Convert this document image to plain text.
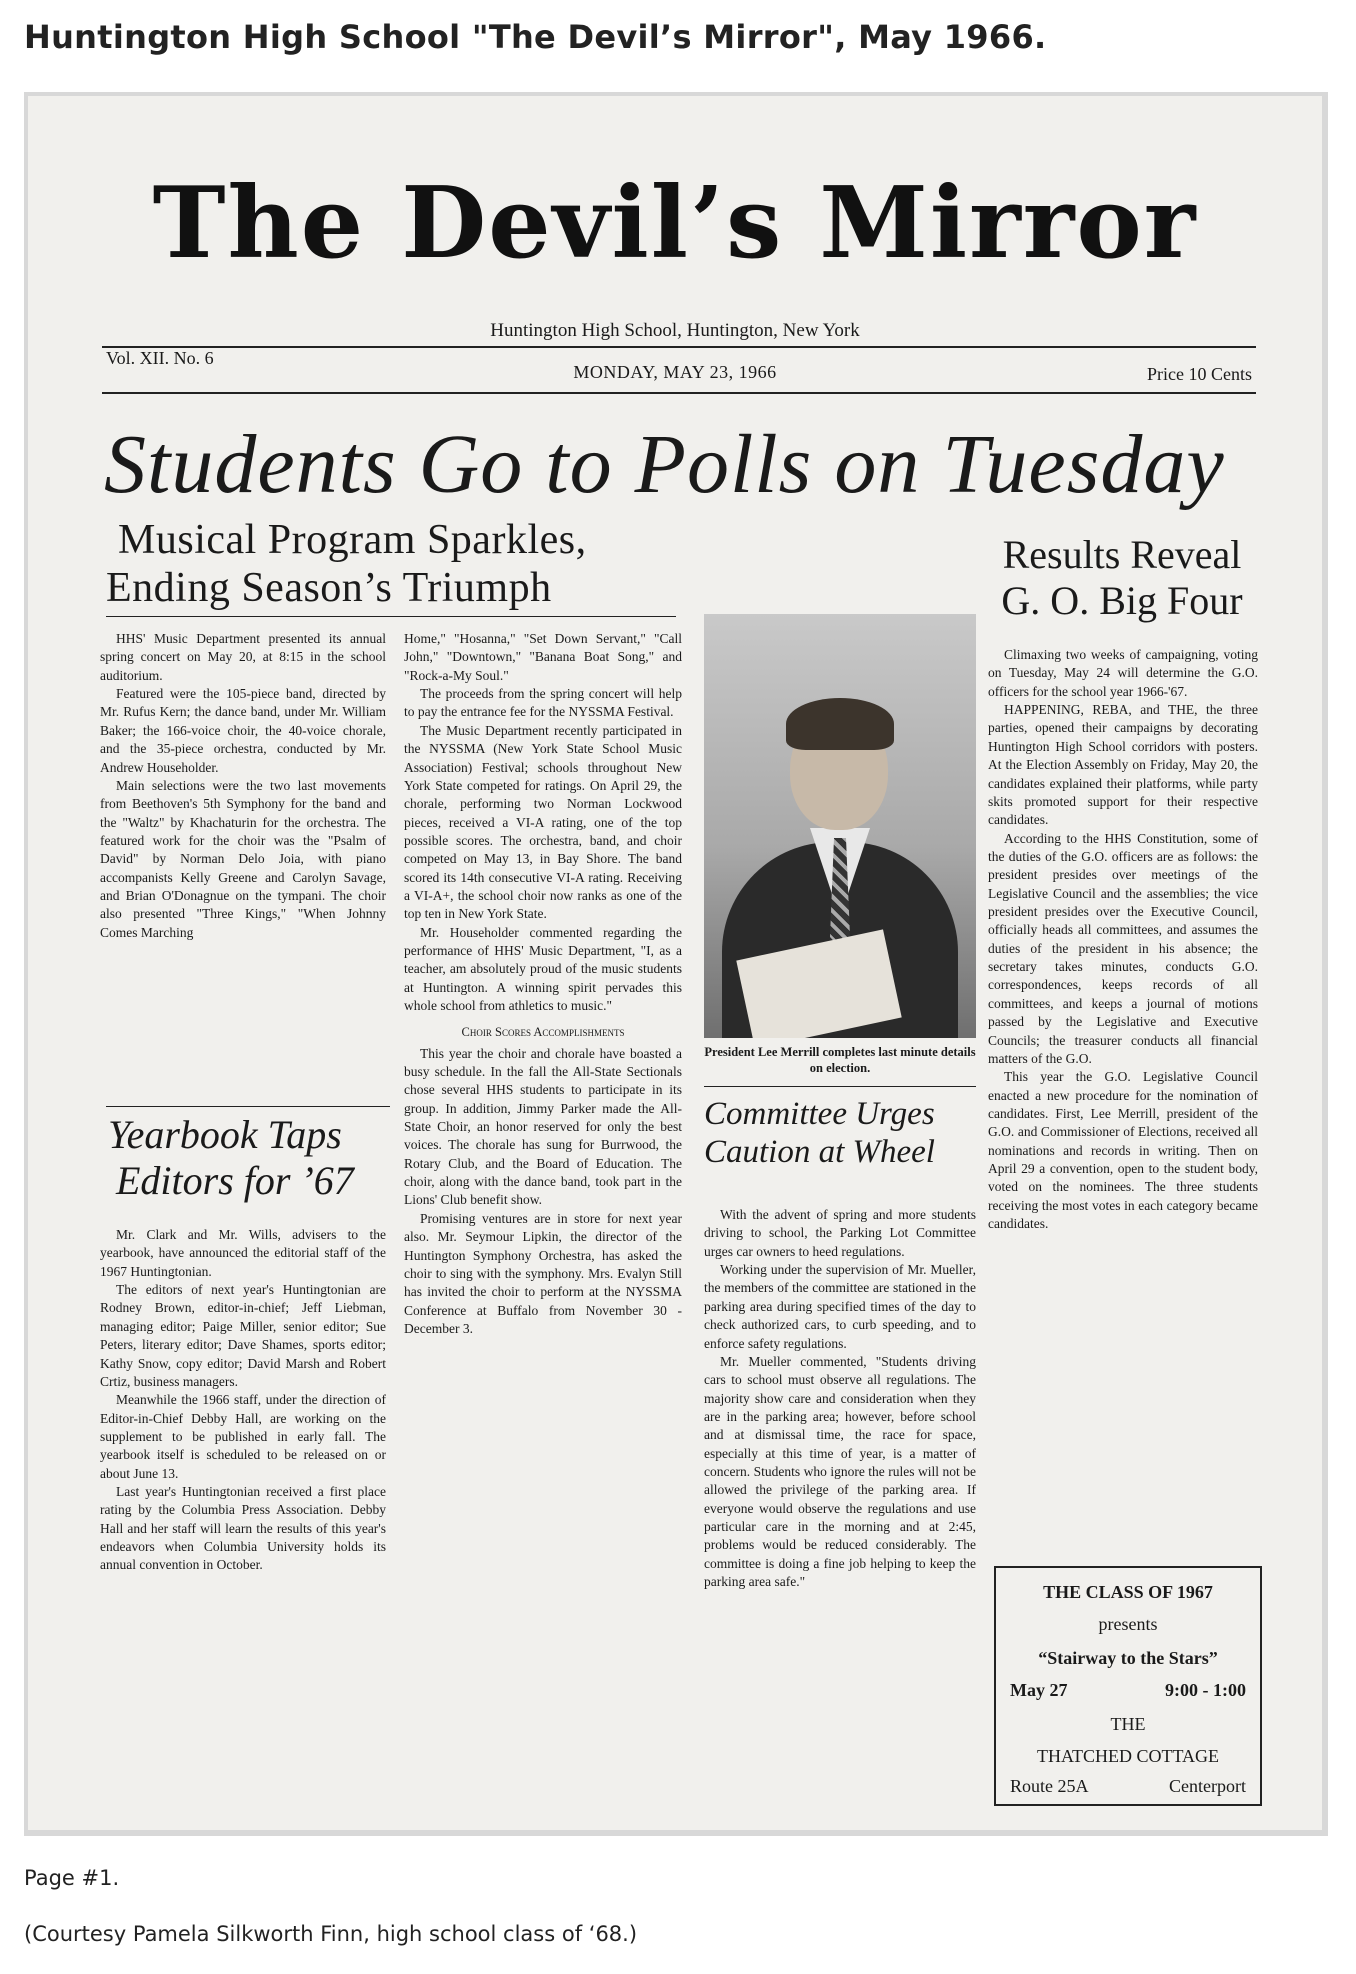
Huntington High School "The Devil’s Mirror", May 1966.
The Devil’s Mirror
Huntington High School, Huntington, New York
Vol. XII. No. 6
MONDAY, MAY 23, 1966	Price 10 Cents
Students Go to Polls on Tuesday
Musical Program Sparkles,
Ending Season’s Triumph

HHS' Music Department presented its annual spring concert on May 20, at 8:15 in the school auditorium.

Featured were the 105-piece band, directed by Mr. Rufus Kern; the dance band, under Mr. William Baker; the 166-voice choir, the 40-voice chorale, and the 35-piece orchestra, conducted by Mr. Andrew Householder.

Main selections were the two last movements from Beethoven's 5th Symphony for the band and the "Waltz" by Khachaturin for the orchestra. The featured work for the choir was the "Psalm of David" by Norman Delo Joia, with piano accompanists Kelly Greene and Carolyn Savage, and Brian O'Donagnue on the tympani. The choir also presented "Three Kings," "When Johnny Comes Marching

Home," "Hosanna," "Set Down Servant," "Call John," "Downtown," "Banana Boat Song," and "Rock-a-My Soul."

The proceeds from the spring concert will help to pay the entrance fee for the NYSSMA Festival.

The Music Department recently participated in the NYSSMA (New York State School Music Association) Festival; schools throughout New York State competed for ratings. On April 29, the chorale, performing two Norman Lockwood pieces, received a VI-A rating, one of the top possible scores. The orchestra, band, and choir competed on May 13, in Bay Shore. The band scored its 14th consecutive VI-A rating. Receiving a VI-A+, the school choir now ranks as one of the top ten in New York State.

Mr. Householder commented regarding the performance of HHS' Music Department, "I, as a teacher, am absolutely proud of the music students at Huntington. A winning spirit pervades this whole school from athletics to music."

Choir Scores Accomplishments

This year the choir and chorale have boasted a busy schedule. In the fall the All-State Sectionals chose several HHS students to participate in its group. In addition, Jimmy Parker made the All-State Choir, an honor reserved for only the best voices. The chorale has sung for Burrwood, the Rotary Club, and the Board of Education. The choir, along with the dance band, took part in the Lions' Club benefit show.

Promising ventures are in store for next year also. Mr. Seymour Lipkin, the director of the Huntington Symphony Orchestra, has asked the choir to sing with the symphony. Mrs. Evalyn Still has invited the choir to perform at the NYSSMA Conference at Buffalo from November 30 - December 3.

Yearbook Taps
Editors for ’67

Mr. Clark and Mr. Wills, advisers to the yearbook, have announced the editorial staff of the 1967 Huntingtonian.

The editors of next year's Huntingtonian are Rodney Brown, editor-in-chief; Jeff Liebman, managing editor; Paige Miller, senior editor; Sue Peters, literary editor; Dave Shames, sports editor; Kathy Snow, copy editor; David Marsh and Robert Crtiz, business managers.

Meanwhile the 1966 staff, under the direction of Editor-in-Chief Debby Hall, are working on the supplement to be published in early fall. The yearbook itself is scheduled to be released on or about June 13.

Last year's Huntingtonian received a first place rating by the Columbia Press Association. Debby Hall and her staff will learn the results of this year's endeavors when Columbia University holds its annual convention in October.

President Lee Merrill completes last minute details on election.
Committee Urges
Caution at Wheel

With the advent of spring and more students driving to school, the Parking Lot Committee urges car owners to heed regulations.

Working under the supervision of Mr. Mueller, the members of the committee are stationed in the parking area during specified times of the day to check authorized cars, to curb speeding, and to enforce safety regulations.

Mr. Mueller commented, "Students driving cars to school must observe all regulations. The majority show care and consideration when they are in the parking area; however, before school and at dismissal time, the race for space, especially at this time of year, is a matter of concern. Students who ignore the rules will not be allowed the privilege of the parking area. If everyone would observe the regulations and use particular care in the morning and at 2:45, problems would be reduced considerably. The committee is doing a fine job helping to keep the parking area safe."

Results Reveal
G. O. Big Four

Climaxing two weeks of campaigning, voting on Tuesday, May 24 will determine the G.O. officers for the school year 1966-'67.

HAPPENING, REBA, and THE, the three parties, opened their campaigns by decorating Huntington High School corridors with posters. At the Election Assembly on Friday, May 20, the candidates explained their platforms, while party skits promoted support for their respective candidates.

According to the HHS Constitution, some of the duties of the G.O. officers are as follows: the president presides over meetings of the Legislative Council and the assemblies; the vice president presides over the Executive Council, officially heads all committees, and assumes the duties of the president in his absence; the secretary takes minutes, conducts G.O. correspondences, keeps records of all committees, and keeps a journal of motions passed by the Legislative and Executive Councils; the treasurer conducts all financial matters of the G.O.

This year the G.O. Legislative Council enacted a new procedure for the nomination of candidates. First, Lee Merrill, president of the G.O. and Commissioner of Elections, received all nominations and records in writing. Then on April 29 a convention, open to the student body, voted on the nominees. The three students receiving the most votes in each category became candidates.

THE CLASS OF 1967
presents
“Stairway to the Stars”
May 27	9:00 - 1:00
THE
THATCHED COTTAGE
Route 25A	Centerport
Page #1.
(Courtesy Pamela Silkworth Finn, high school class of ‘68.)
